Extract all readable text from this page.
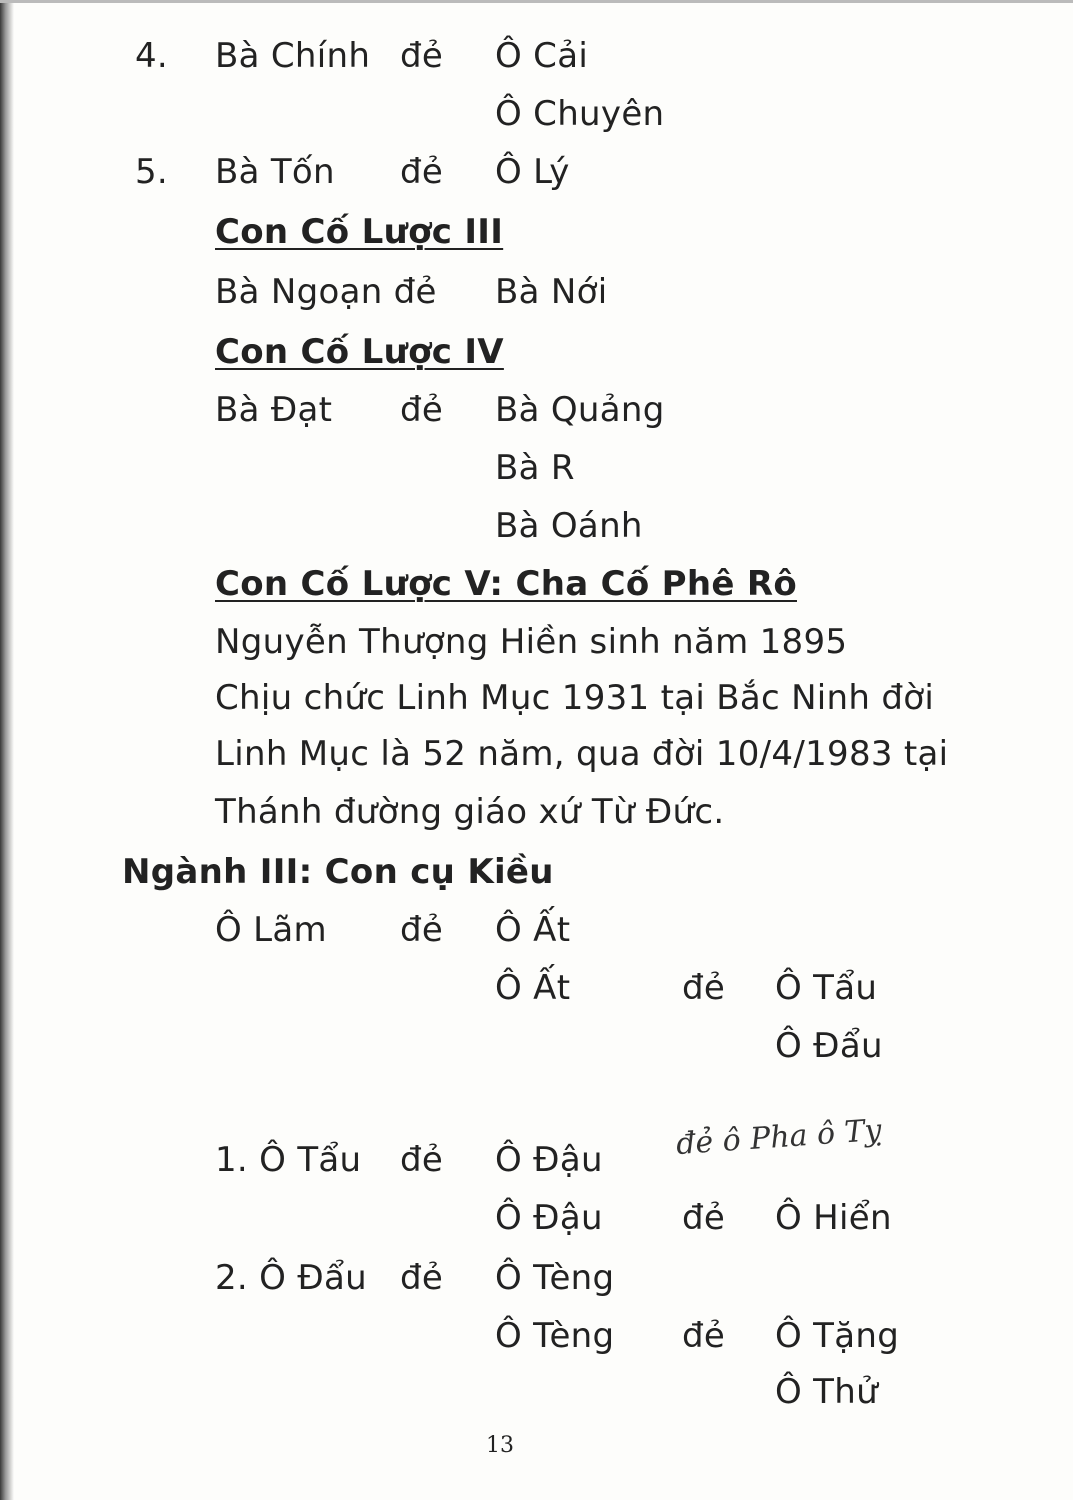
4. Bà Chính đẻ Ô Cải
Ô Chuyên
5. Bà Tốn đẻ Ô Lý
Con Cố Lược III
Bà Ngoạn đẻ Bà Nới
Con Cố Lược IV
Bà Đạt đẻ Bà Quảng
Bà R
Bà Oánh
Con Cố Lược V: Cha Cố Phê Rô
Nguyễn Thượng Hiền sinh năm 1895
Chịu chức Linh Mục 1931 tại Bắc Ninh đời
Linh Mục là 52 năm, qua đời 10/4/1983 tại
Thánh đường giáo xứ Từ Đức.
Ngành III: Con cụ Kiều
Ô Lãm đẻ Ô Ất
Ô Ất	đẻ Ô Tẩu
Ô Đẩu
1. Ô Tẩu đẻ Ô Đậu đẻ ô Pha ô Tỵ
Ô Đậu đẻ Ô Hiển
2. Ô Đẩu đẻ Ô Tèng
Ô Tèng đẻ Ô Tặng
Ô Thử
13
